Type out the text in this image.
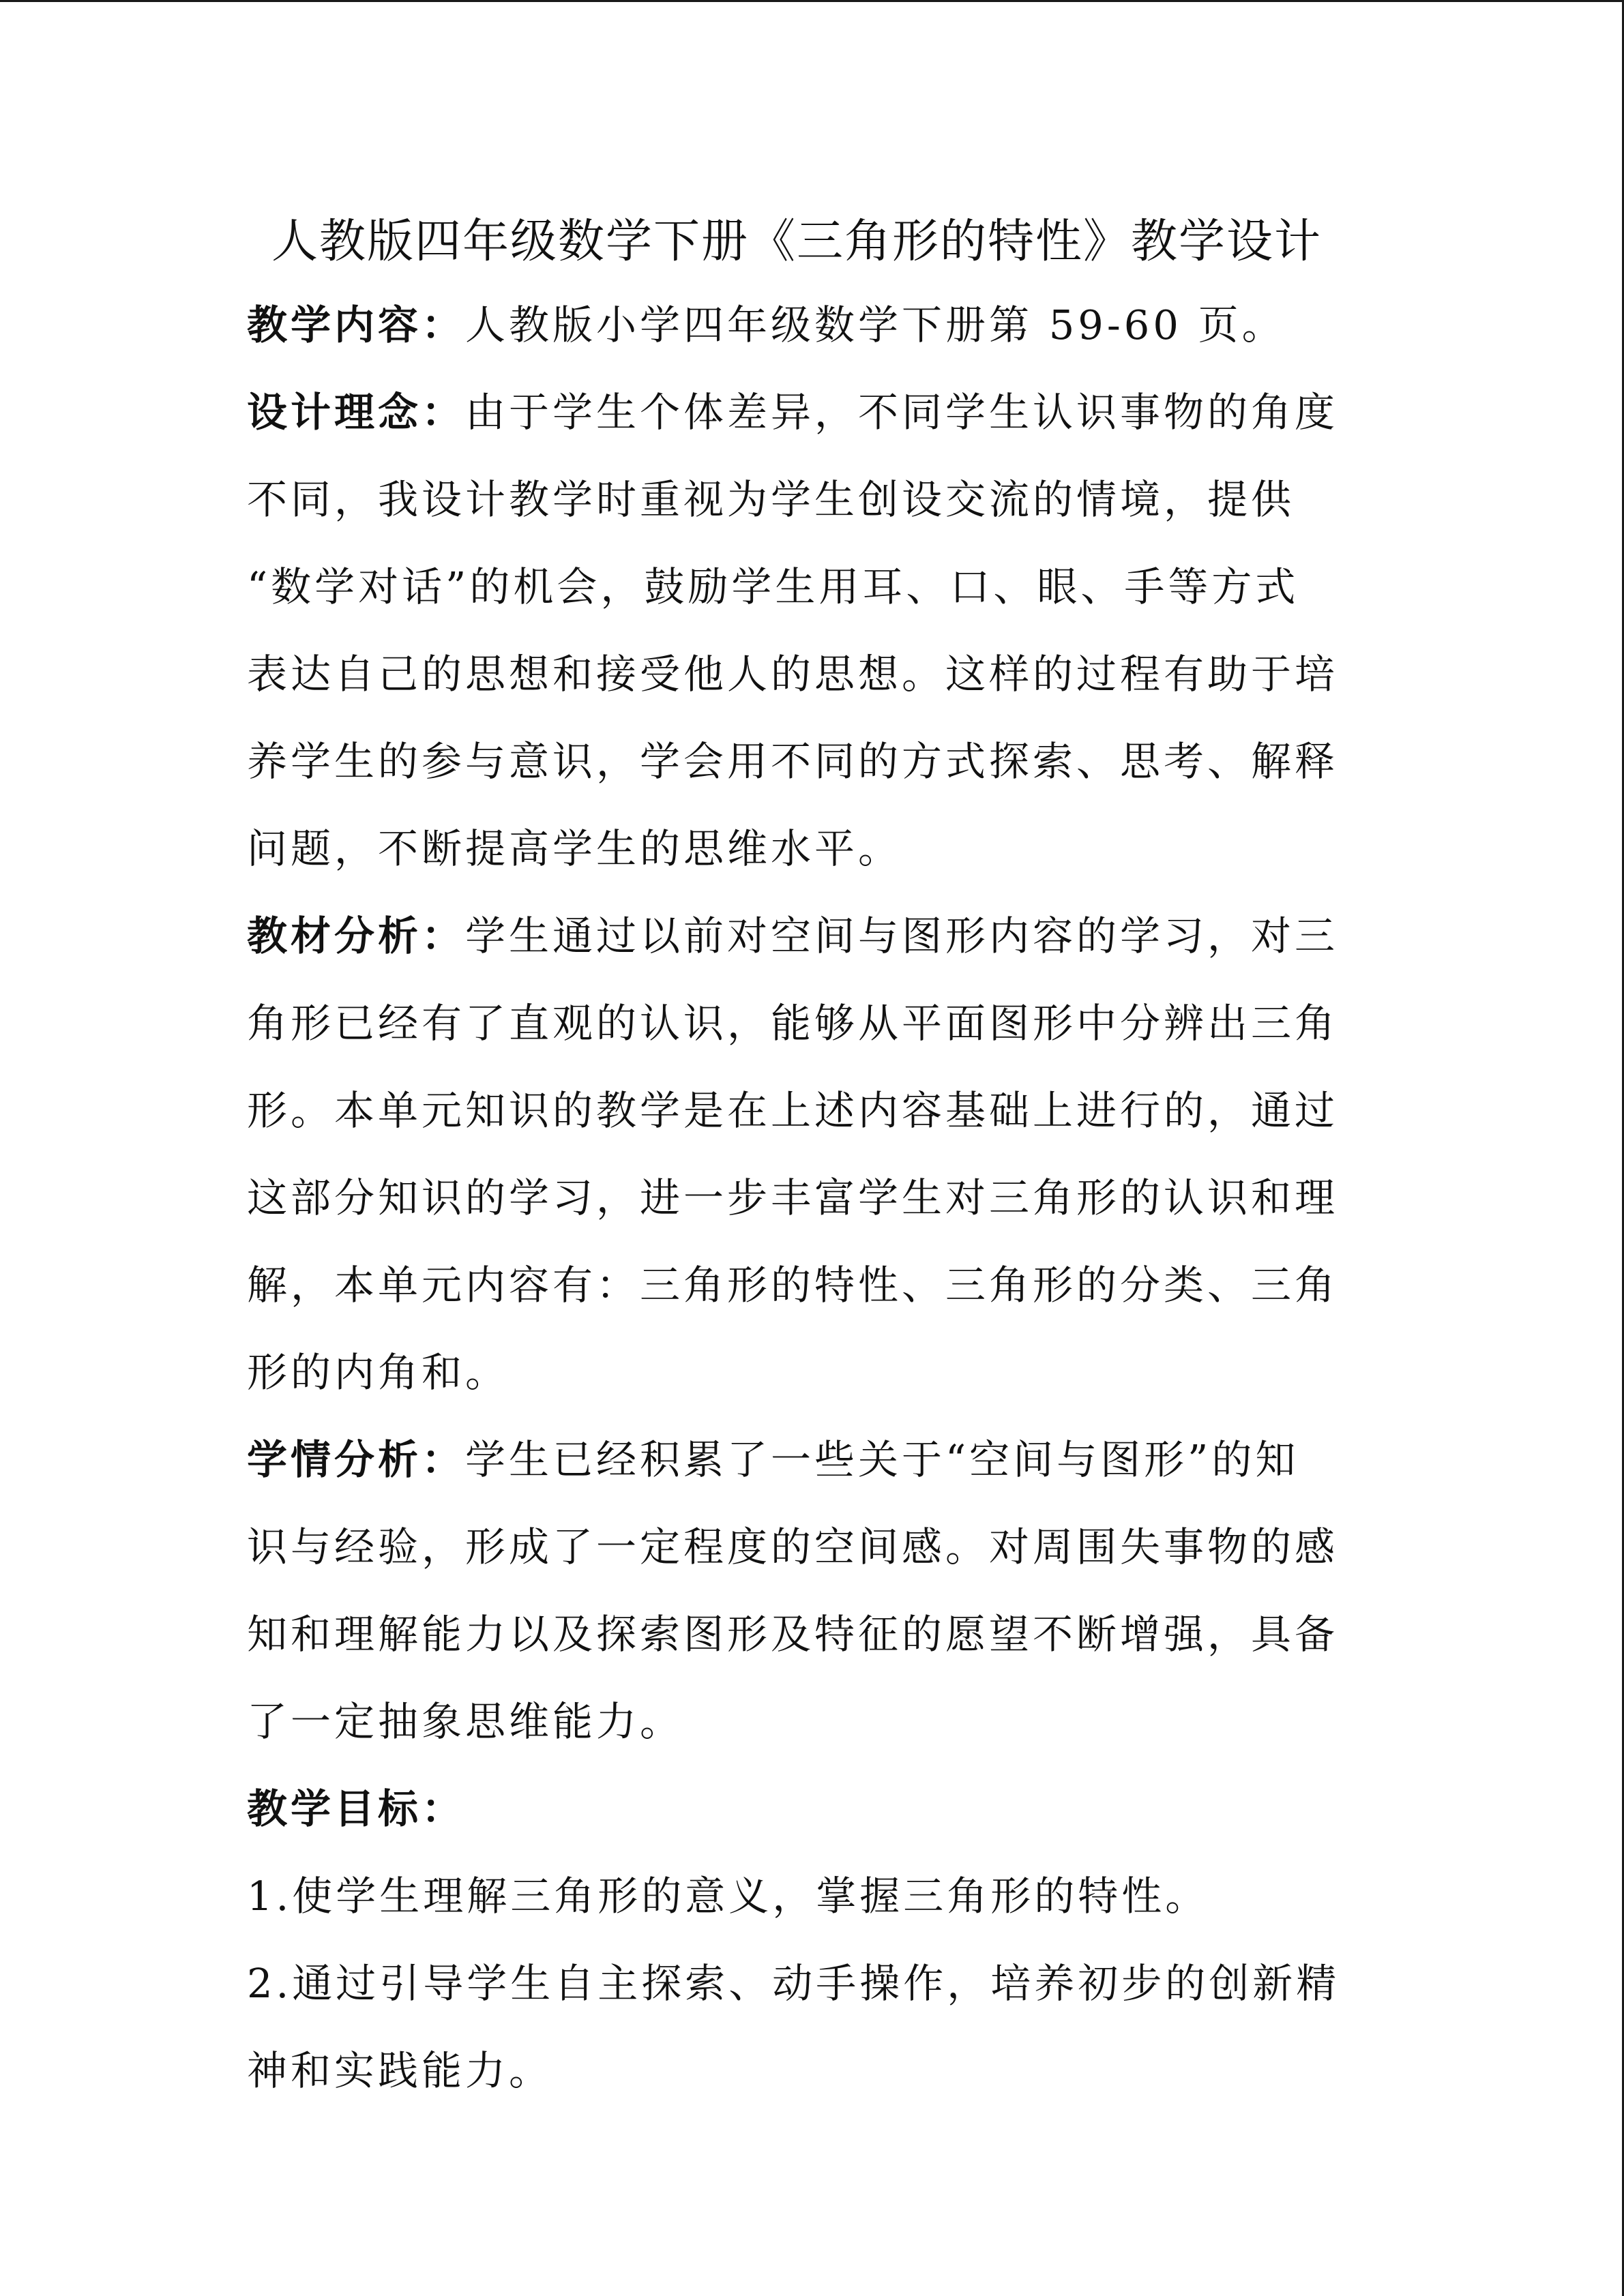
人教版四年级数学下册《三角形的特性》教学设计
教学内容：人教版小学四年级数学下册第 59-60 页。
设计理念：由于学生个体差异，不同学生认识事物的角度
不同，我设计教学时重视为学生创设交流的情境，提供
“数学对话”的机会，鼓励学生用耳、口、眼、手等方式
表达自己的思想和接受他人的思想。这样的过程有助于培
养学生的参与意识，学会用不同的方式探索、思考、解释
问题，不断提高学生的思维水平。
教材分析：学生通过以前对空间与图形内容的学习，对三
角形已经有了直观的认识，能够从平面图形中分辨出三角
形。本单元知识的教学是在上述内容基础上进行的，通过
这部分知识的学习，进一步丰富学生对三角形的认识和理
解，本单元内容有：三角形的特性、三角形的分类、三角
形的内角和。
学情分析：学生已经积累了一些关于“空间与图形”的知
识与经验，形成了一定程度的空间感。对周围失事物的感
知和理解能力以及探索图形及特征的愿望不断增强，具备
了一定抽象思维能力。
教学目标：
1.使学生理解三角形的意义，掌握三角形的特性。
2.通过引导学生自主探索、动手操作，培养初步的创新精
神和实践能力。
